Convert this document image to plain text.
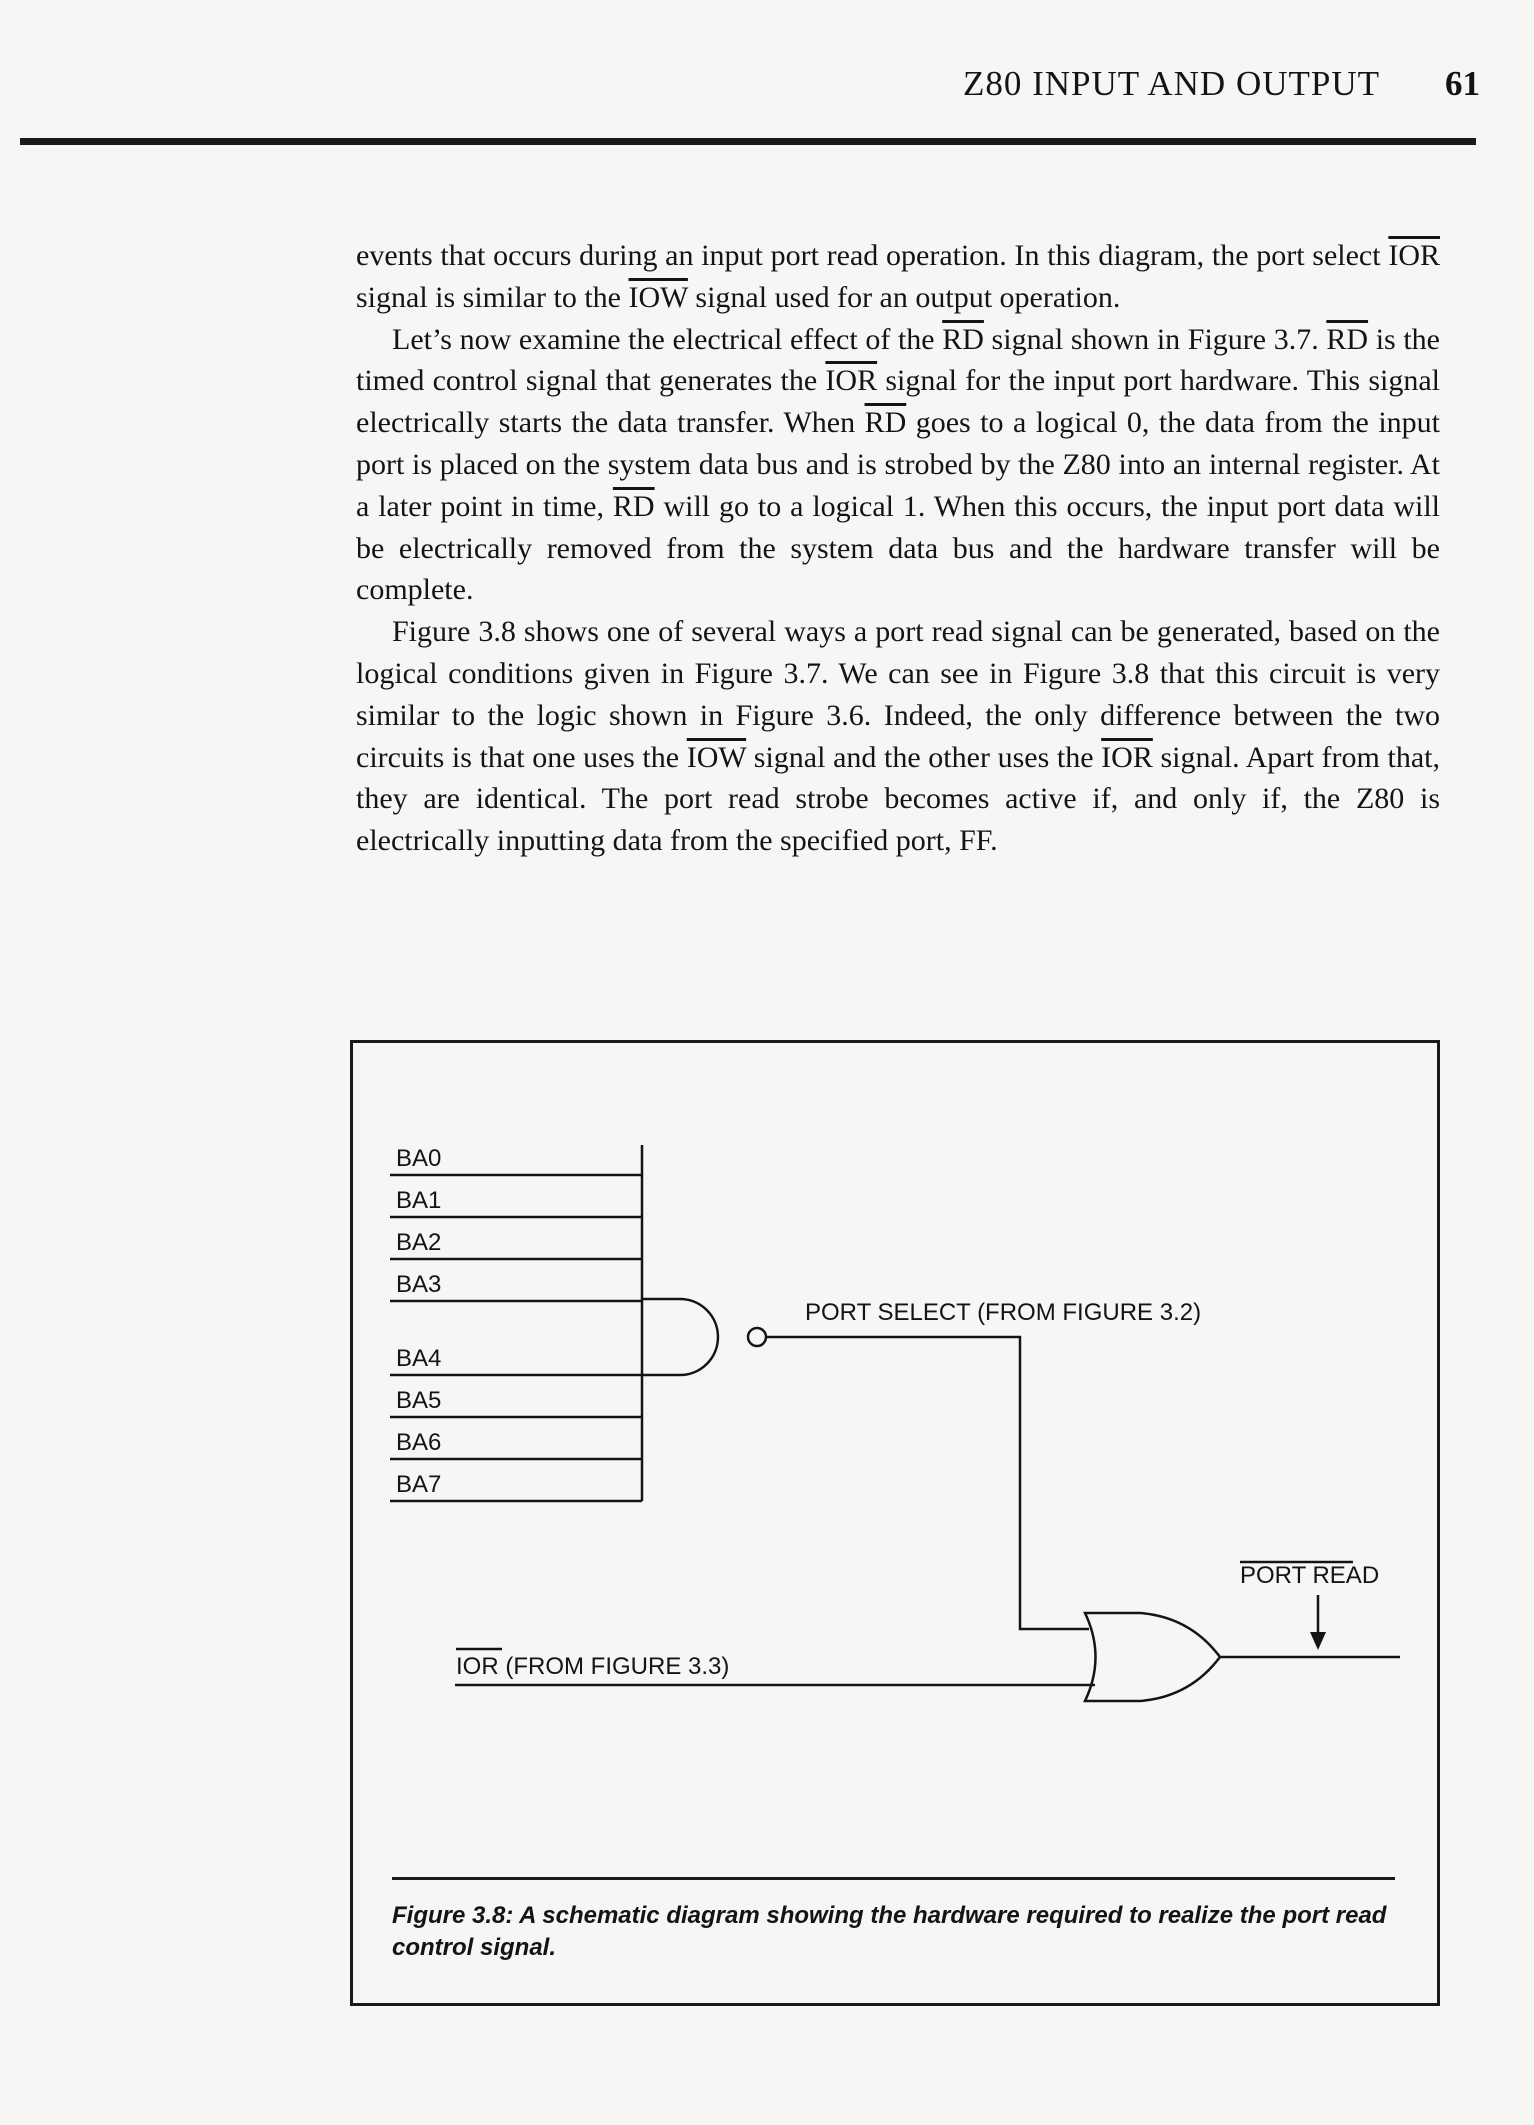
Z80 INPUT AND OUTPUT	61

events that occurs during an input port read operation. In this diagram, the port select $\overline{IOR}$ signal is similar to the $\overline{IOW}$ signal used for an output operation.

Let’s now examine the electrical effect of the $\overline{RD}$ signal shown in Figure 3.7. $\overline{RD}$ is the timed control signal that generates the $\overline{IOR}$ signal for the input port hardware. This signal electrically starts the data transfer. When $\overline{RD}$ goes to a logical 0, the data from the input port is placed on the system data bus and is strobed by the Z80 into an internal register. At a later point in time, $\overline{RD}$ will go to a logical 1. When this occurs, the input port data will be electrically removed from the system data bus and the hardware transfer will be complete.

Figure 3.8 shows one of several ways a port read signal can be generated, based on the logical conditions given in Figure 3.7. We can see in Figure 3.8 that this circuit is very similar to the logic shown in Figure 3.6. Indeed, the only difference between the two circuits is that one uses the $\overline{IOW}$ signal and the other uses the $\overline{IOR}$ signal. Apart from that, they are identical. The port read strobe becomes active if, and only if, the Z80 is electrically inputting data from the specified port, FF.

BA0
BA1
BA2
BA3
BA4
BA5
BA6
BA7
PORT SELECT (FROM FIGURE 3.2)
PORT READ
IOR (FROM FIGURE 3.3)
Figure 3.8: A schematic diagram showing the hardware required to realize the port read control signal.
